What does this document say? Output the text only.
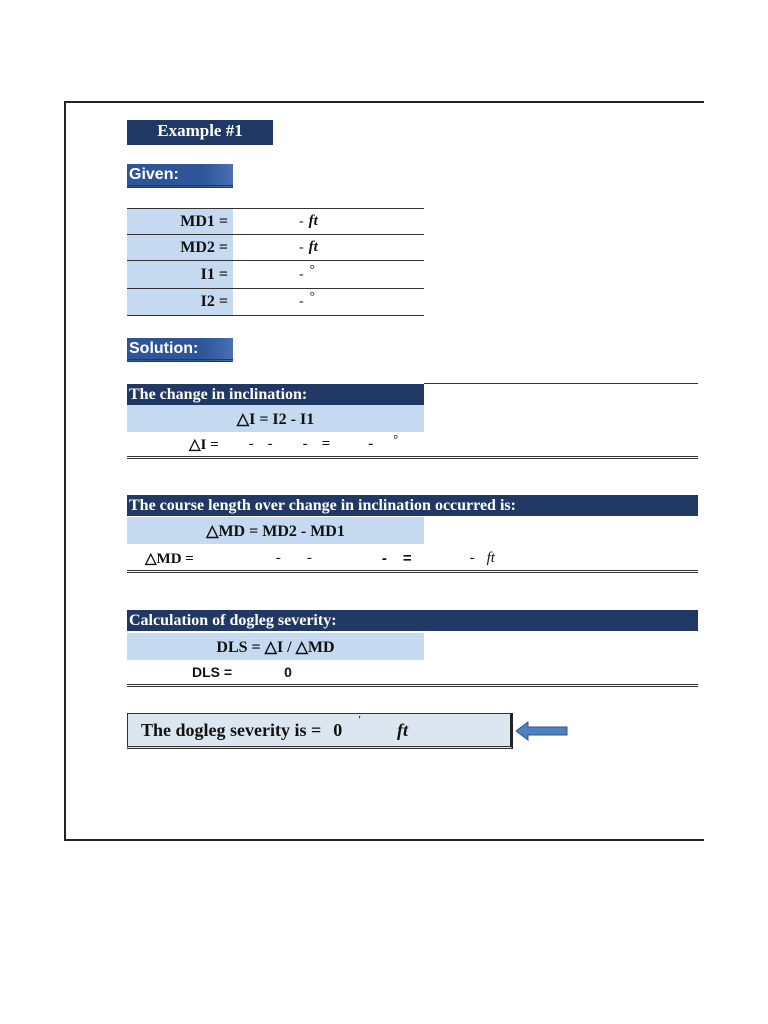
Example #1
Given:
MD1 =	- ft
MD2 =	- ft
I1 =	- °
I2 =	- °
Solution:
The change in inclination:
△I = I2 - I1
△I = - - - =	- °
The course length over change in inclination occurred is:
△MD = MD2 - MD1
△MD =	- -	- =	- ft
Calculation of dogleg severity:
DLS = △I / △MD
DLS =	0
The dogleg severity is = 0 ' ft
